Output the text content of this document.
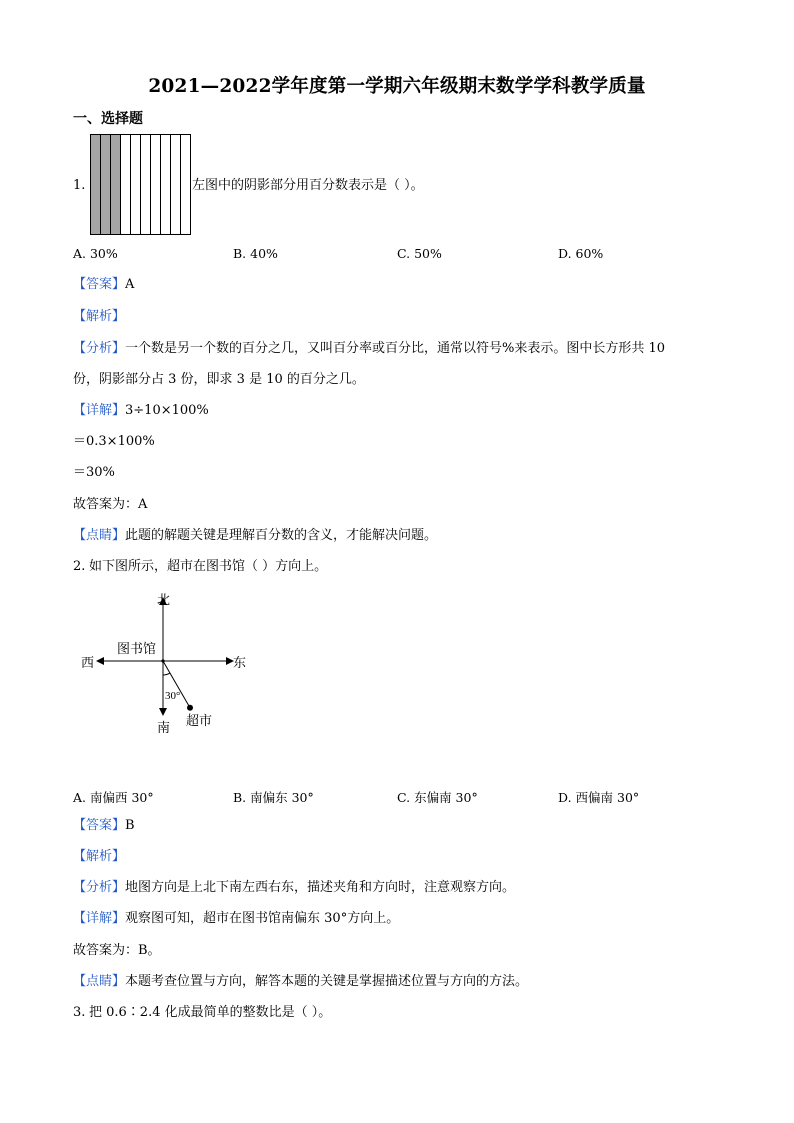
2021—2022学年度第一学期六年级期末数学学科教学质量
一、选择题
1.	左图中的阴影部分用百分数表示是（ ）。
A. 30%	B. 40%	C. 50%	D. 60%
【答案】A
【解析】
【分析】一个数是另一个数的百分之几，又叫百分率或百分比，通常以符号%来表示。图中长方形共 10
份，阴影部分占 3 份，即求 3 是 10 的百分之几。
【详解】3÷10×100%
＝0.3×100%
＝30%
故答案为：A
【点睛】此题的解题关键是理解百分数的含义，才能解决问题。
2. 如下图所示，超市在图书馆（ ）方向上。
北
南
东
西
图书馆
超市
30°
A. 南偏西 30°	B. 南偏东 30°	C. 东偏南 30°	D. 西偏南 30°
【答案】B
【解析】
【分析】地图方向是上北下南左西右东，描述夹角和方向时，注意观察方向。
【详解】观察图可知，超市在图书馆南偏东 30°方向上。
故答案为：B。
【点睛】本题考查位置与方向，解答本题的关键是掌握描述位置与方向的方法。
3. 把 0.6∶2.4 化成最简单的整数比是（ ）。
